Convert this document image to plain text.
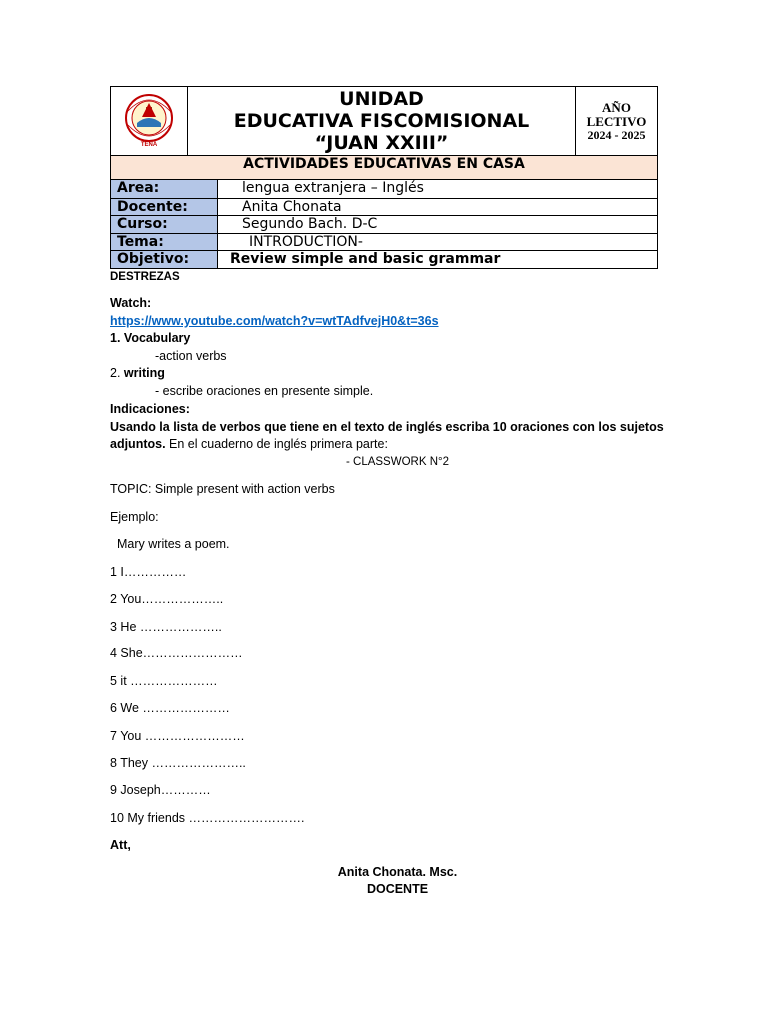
TENA
UNIDAD
EDUCATIVA FISCOMISIONAL
“JUAN XXIII”
AÑO
LECTIVO
2024 - 2025
ACTIVIDADES EDUCATIVAS EN CASA
Area:	lengua extranjera – Inglés
Docente:	Anita Chonata
Curso:	Segundo Bach. D-C
Tema:	INTRODUCTION-
Objetivo:	Review simple and basic grammar
DESTREZAS
Watch:
https://www.youtube.com/watch?v=wtTAdfvejH0&t=36s
1. Vocabulary
-action verbs
2. writing
- escribe oraciones en presente simple.
Indicaciones:
Usando la lista de verbos que tiene en el texto de inglés escriba 10 oraciones con los sujetos
adjuntos. En el cuaderno de inglés primera parte:
- CLASSWORK N°2
TOPIC: Simple present with action verbs
Ejemplo:
Mary writes a poem.
1 I……………
2 You………………..
3 He ………………..
4 She……………………
5 it …………………
6 We …………………
7 You ……………………
8 They …………………..
9 Joseph…………
10 My friends ……………………….
Att,
Anita Chonata. Msc.
DOCENTE
